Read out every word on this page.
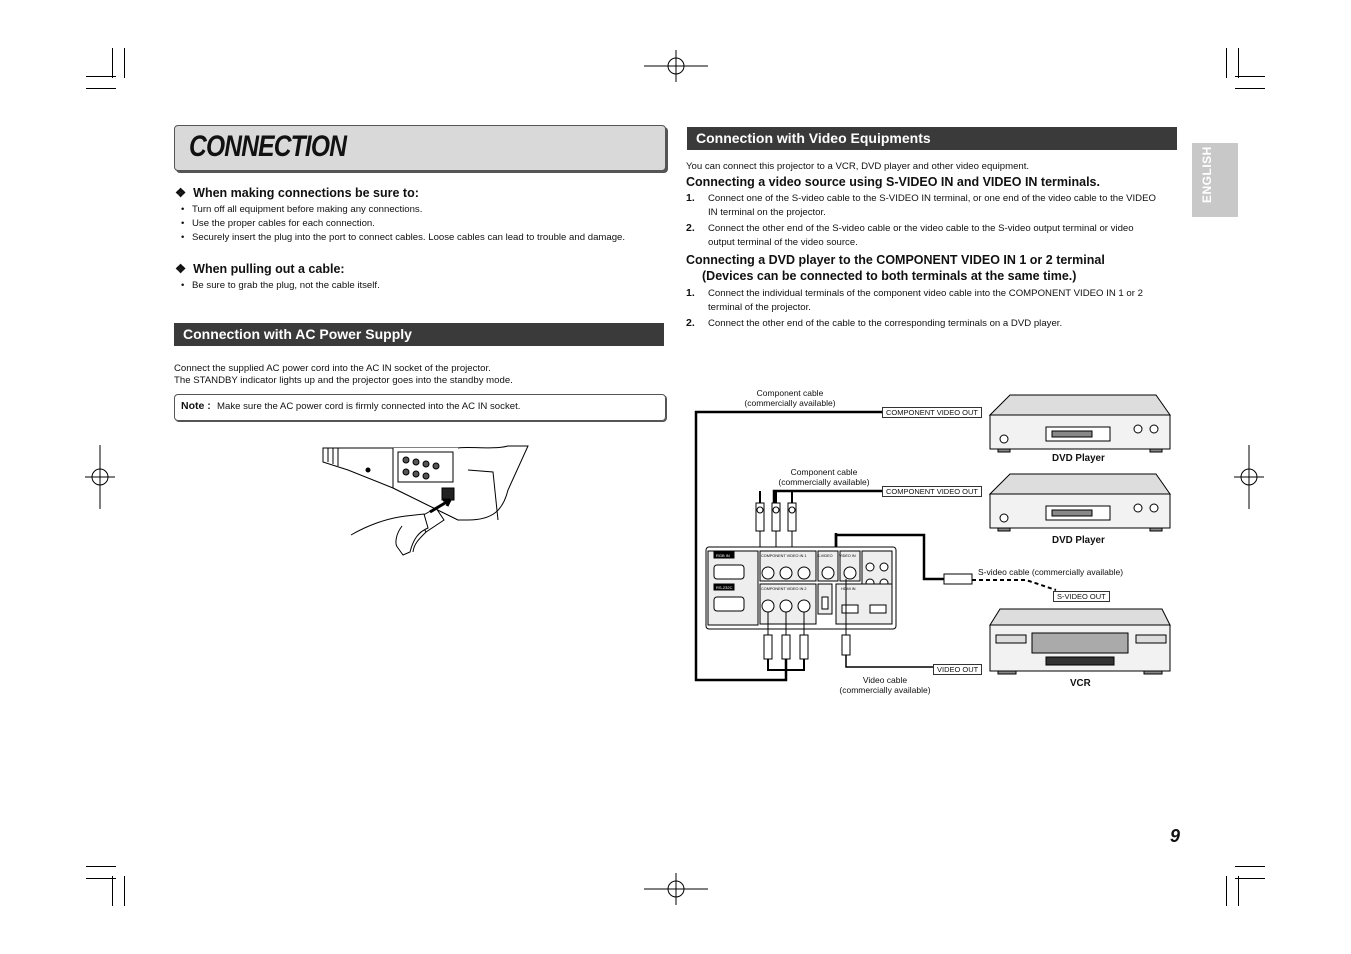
CONNECTION
❖ When making connections be sure to:
• Turn off all equipment before making any connections.
• Use the proper cables for each connection.
• Securely insert the plug into the port to connect cables. Loose cables can lead to trouble and damage.
❖ When pulling out a cable:
• Be sure to grab the plug, not the cable itself.
Connection with AC Power Supply
Connect the supplied AC power cord into the AC IN socket of the projector.
The STANDBY indicator lights up and the projector goes into the standby mode.
Note : Make sure the AC power cord is firmly connected into the AC IN socket.
Connection with Video Equipments
You can connect this projector to a VCR, DVD player and other video equipment.
Connecting a video source using S-VIDEO IN and VIDEO IN terminals.
1. Connect one of the S-video cable to the S-VIDEO IN terminal, or one end of the video cable to the VIDEO
IN terminal on the projector.
2. Connect the other end of the S-video cable or the video cable to the S-video output terminal or video
output terminal of the video source.
Connecting a DVD player to the COMPONENT VIDEO IN 1 or 2 terminal
(Devices can be connected to both terminals at the same time.)
1. Connect the individual terminals of the component video cable into the COMPONENT VIDEO IN 1 or 2
terminal of the projector.
2. Connect the other end of the cable to the corresponding terminals on a DVD player.
ENGLISH
RGB IN
RS-232C
COMPONENT VIDEO IN 1
COMPONENT VIDEO IN 2
S-VIDEO VIDEO IN
HDMI IN
Component cable
(commercially available)
COMPONENT VIDEO OUT
DVD Player
Component cable
(commercially available)
COMPONENT VIDEO OUT
DVD Player
S-video cable (commercially available)
S-VIDEO OUT
VIDEO OUT
Video cable
(commercially available)
VCR
9
